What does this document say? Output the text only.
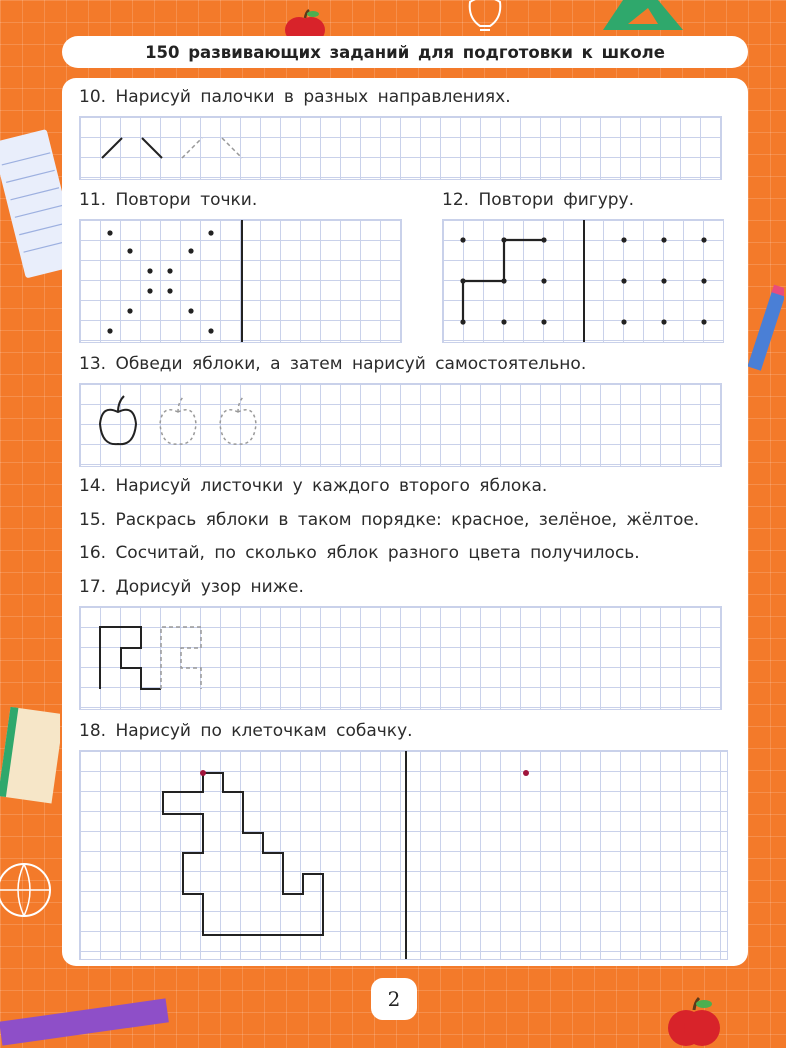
150 развивающих заданий для подготовки к школе
10. Нарисуй палочки в разных направлениях.
11. Повтори точки.	12. Повтори фигуру.
13. Обведи яблоки, а затем нарисуй самостоятельно.
14. Нарисуй листочки у каждого второго яблока.
15. Раскрась яблоки в таком порядке: красное, зелёное, жёлтое.
16. Сосчитай, по сколько яблок разного цвета получилось.
17. Дорисуй узор ниже.
18. Нарисуй по клеточкам собачку.
2
